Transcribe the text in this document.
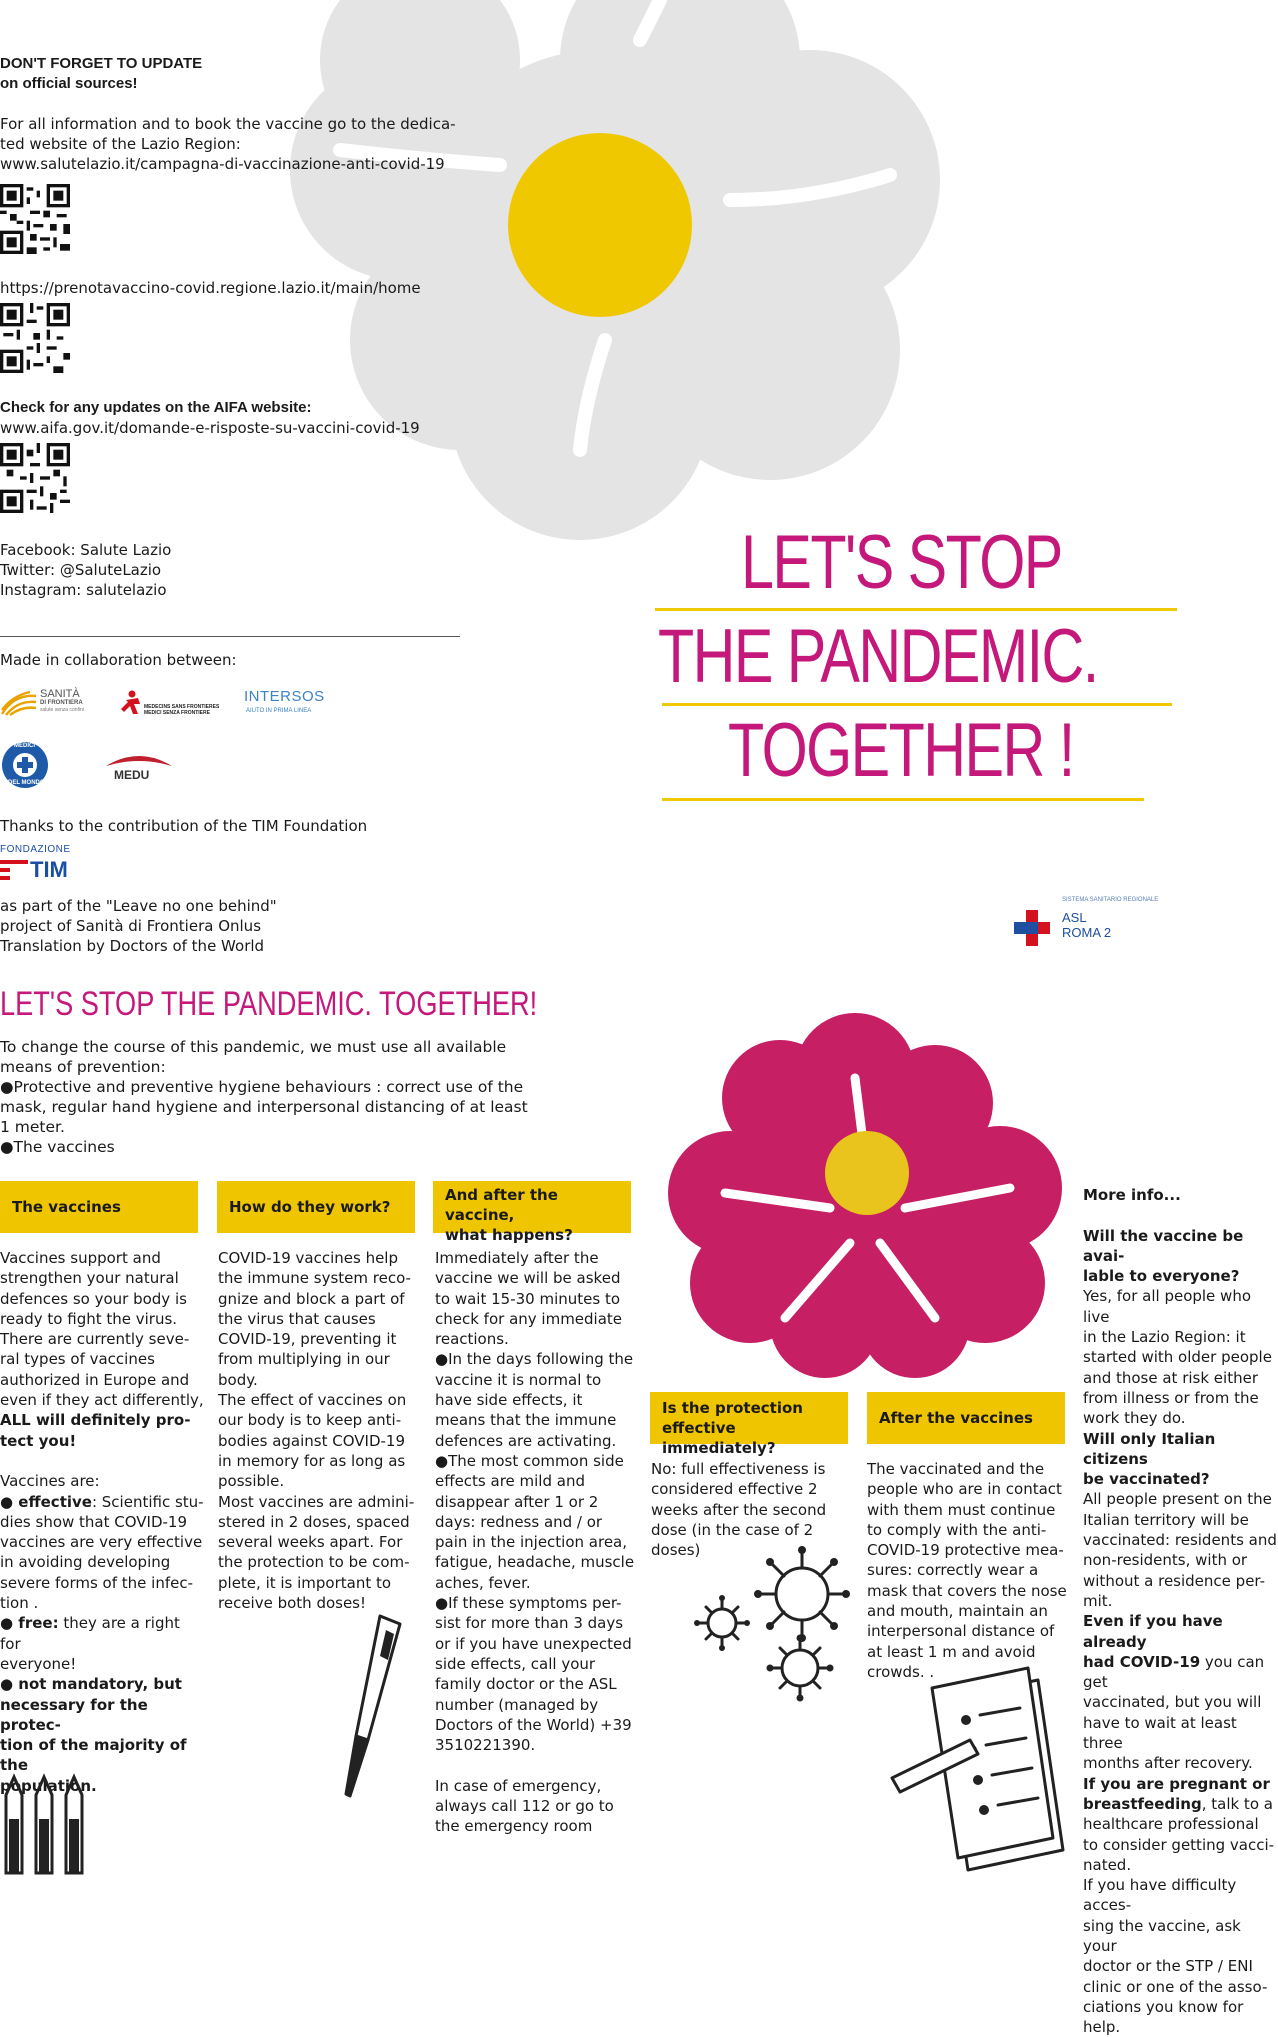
DON'T FORGET TO UPDATE
on official sources!
For all information and to book the vaccine go to the dedica-
ted website of the Lazio Region:
www.salutelazio.it/campagna-di-vaccinazione-anti-covid-19
https://prenotavaccino-covid.regione.lazio.it/main/home
Check for any updates on the AIFA website:
www.aifa.gov.it/domande-e-risposte-su-vaccini-covid-19
Facebook: Salute Lazio
Twitter: @SaluteLazio
Instagram: salutelazio
Made in collaboration between:
SANITÀ
DI FRONTIERA
salute senza confini	MEDECINS SANS FRONTIERES
MEDICI SENZA FRONTIERE
INTERSOS
AIUTO IN PRIMA LINEA
MEDICI
DEL MONDO
MEDU
Thanks to the contribution of the TIM Foundation
FONDAZIONE
TIM
as part of the "Leave no one behind"
project of Sanità di Frontiera Onlus
Translation by Doctors of the World
LET'S STOP
THE PANDEMIC.
TOGETHER !
SISTEMA SANITARIO REGIONALE
ASL
ROMA 2
LET'S STOP THE PANDEMIC. TOGETHER!
To change the course of this pandemic, we must use all available
means of prevention:
●Protective and preventive hygiene behaviours : correct use of the
mask, regular hand hygiene and interpersonal distancing of at least
1 meter.
●The vaccines
The vaccines
Vaccines support and
strengthen your natural
defences so your body is
ready to fight the virus.
There are currently seve-
ral types of vaccines
authorized in Europe and
even if they act differently,
ALL will definitely pro-
tect you!

Vaccines are:
● effective: Scientific stu-
dies show that COVID-19
vaccines are very effective
in avoiding developing
severe forms of the infec-
tion .
● free: they are a right for
everyone!
● not mandatory, but
necessary for the protec-
tion of the majority of the
population.
How do they work?
COVID-19 vaccines help
the immune system reco-
gnize and block a part of
the virus that causes
COVID-19, preventing it
from multiplying in our
body.
The effect of vaccines on
our body is to keep anti-
bodies against COVID-19
in memory for as long as
possible.
Most vaccines are admini-
stered in 2 doses, spaced
several weeks apart. For
the protection to be com-
plete, it is important to
receive both doses!
And after the vaccine,
what happens?
Immediately after the
vaccine we will be asked
to wait 15-30 minutes to
check for any immediate
reactions.
●In the days following the
vaccine it is normal to
have side effects, it
means that the immune
defences are activating.
●The most common side
effects are mild and
disappear after 1 or 2
days: redness and / or
pain in the injection area,
fatigue, headache, muscle
aches, fever.
●If these symptoms per-
sist for more than 3 days
or if you have unexpected
side effects, call your
family doctor or the ASL
number (managed by
Doctors of the World) +39
3510221390.

In case of emergency,
always call 112 or go to
the emergency room
Is the protection
effective immediately?
No: full effectiveness is
considered effective 2
weeks after the second
dose (in the case of 2
doses)
After the vaccines
The vaccinated and the
people who are in contact
with them must continue
to comply with the anti-
COVID-19 protective mea-
sures: correctly wear a
mask that covers the nose
and mouth, maintain an
interpersonal distance of
at least 1 m and avoid
crowds. .
More info...

Will the vaccine be avai-
lable to everyone?
Yes, for all people who live
in the Lazio Region: it
started with older people
and those at risk either
from illness or from the
work they do.
Will only Italian citizens
be vaccinated?
All people present on the
Italian territory will be
vaccinated: residents and
non-residents, with or
without a residence per-
mit.
Even if you have already
had COVID-19 you can get
vaccinated, but you will
have to wait at least three
months after recovery.
If you are pregnant or
breastfeeding, talk to a
healthcare professional
to consider getting vacci-
nated.
If you have difficulty acces-
sing the vaccine, ask your
doctor or the STP / ENI
clinic or one of the asso-
ciations you know for help.
